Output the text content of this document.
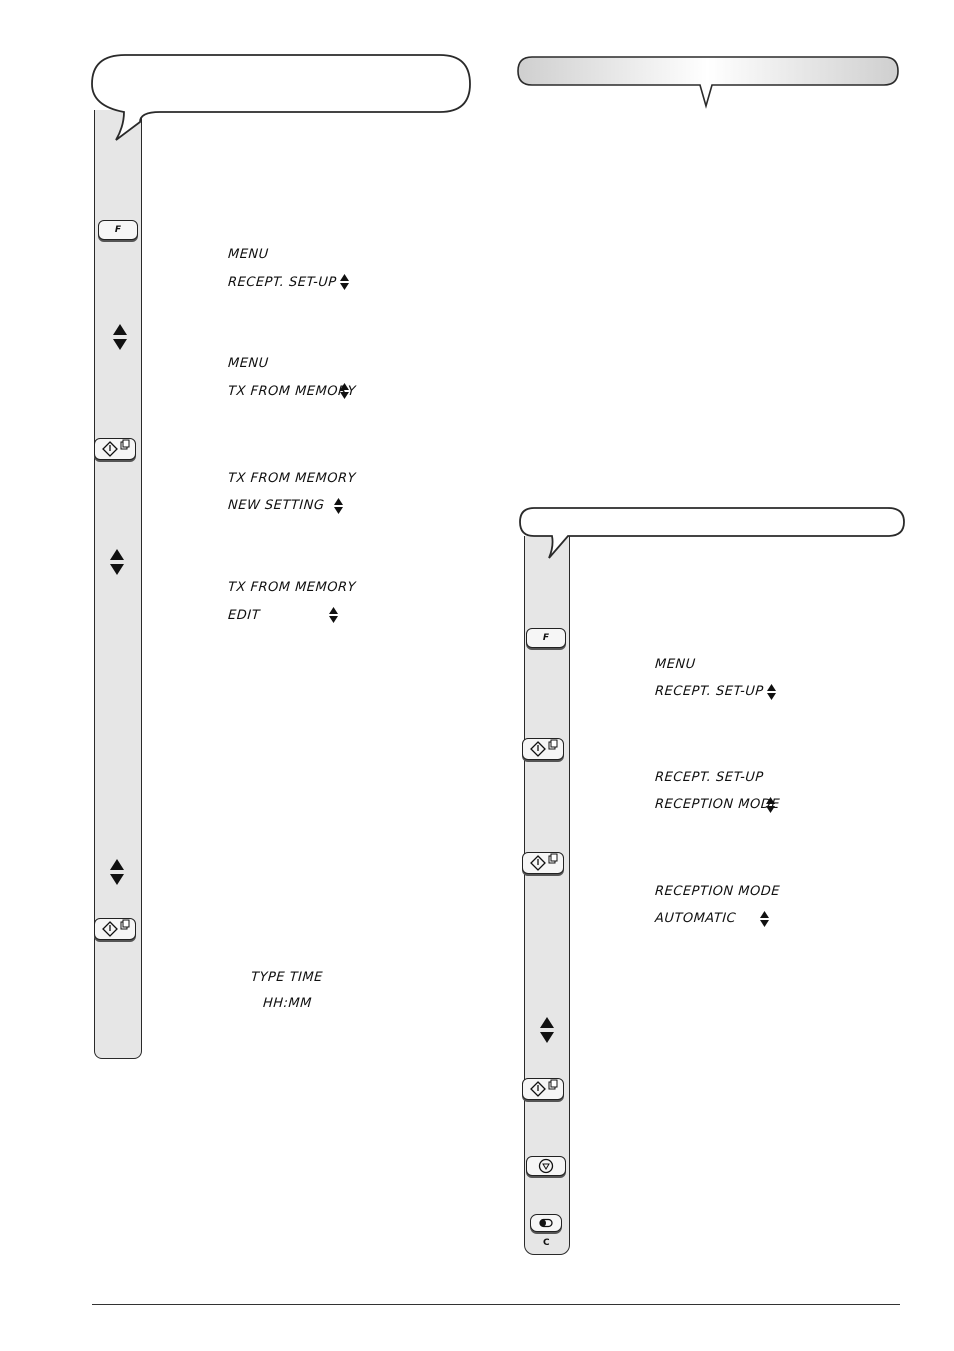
F
MENU
RECEPT. SET-UP
MENU
TX FROM MEMORY
TX FROM MEMORY
NEW SETTING
TX FROM MEMORY
EDIT
TYPE TIME
HH:MM
F
C
MENU
RECEPT. SET-UP
RECEPT. SET-UP
RECEPTION MODE
RECEPTION MODE
AUTOMATIC
